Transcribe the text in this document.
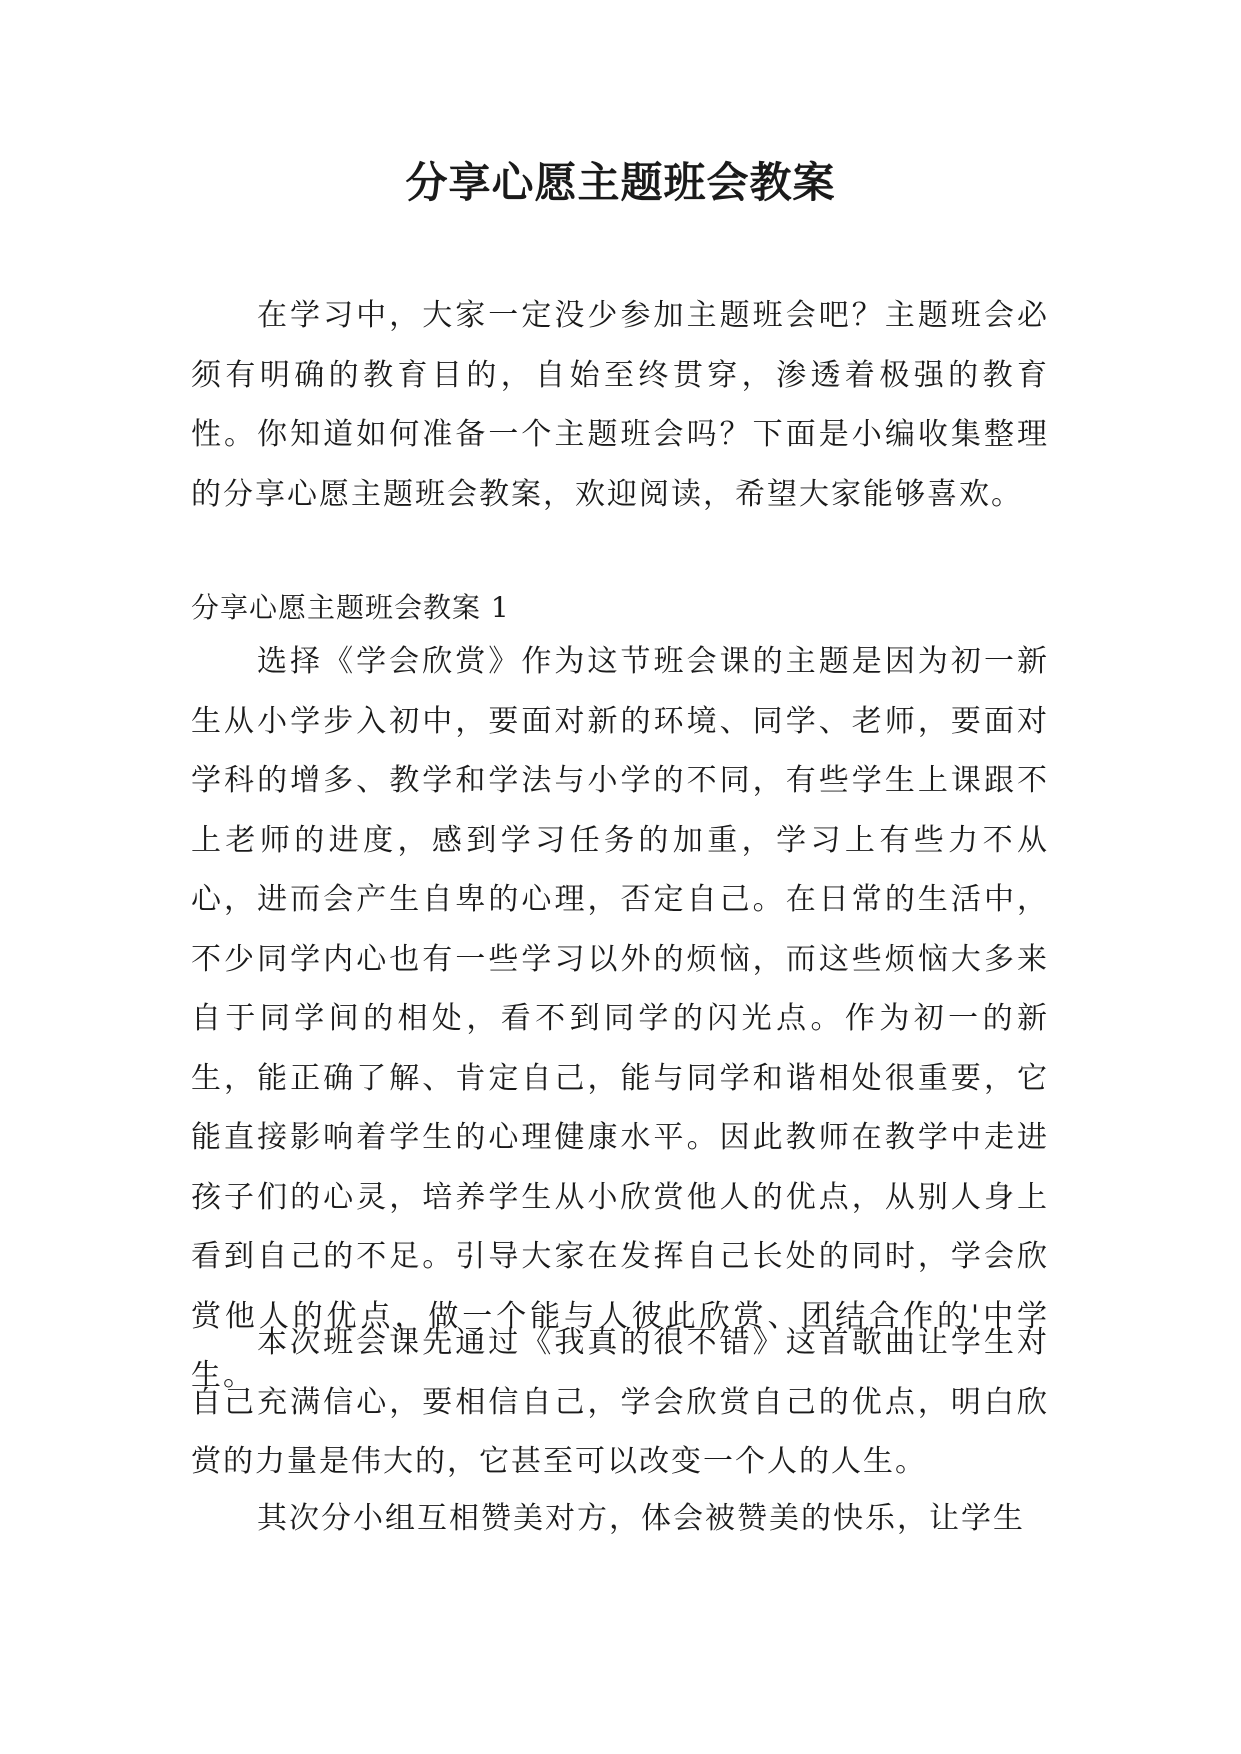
分享心愿主题班会教案

在学习中，大家一定没少参加主题班会吧？主题班会必须有明确的教育目的，自始至终贯穿，渗透着极强的教育性。你知道如何准备一个主题班会吗？下面是小编收集整理的分享心愿主题班会教案，欢迎阅读，希望大家能够喜欢。

分享心愿主题班会教案 1

选择《学会欣赏》作为这节班会课的主题是因为初一新生从小学步入初中，要面对新的环境、同学、老师，要面对学科的增多、教学和学法与小学的不同，有些学生上课跟不上老师的进度，感到学习任务的加重，学习上有些力不从心，进而会产生自卑的心理，否定自己。在日常的生活中，不少同学内心也有一些学习以外的烦恼，而这些烦恼大多来自于同学间的相处，看不到同学的闪光点。作为初一的新生，能正确了解、肯定自己，能与同学和谐相处很重要，它能直接影响着学生的心理健康水平。因此教师在教学中走进孩子们的心灵，培养学生从小欣赏他人的优点，从别人身上看到自己的不足。引导大家在发挥自己长处的同时，学会欣赏他人的优点，做一个能与人彼此欣赏、团结合作的'中学生。

本次班会课先通过《我真的很不错》这首歌曲让学生对自己充满信心，要相信自己，学会欣赏自己的优点，明白欣赏的力量是伟大的，它甚至可以改变一个人的人生。

其次分小组互相赞美对方，体会被赞美的快乐，让学生
